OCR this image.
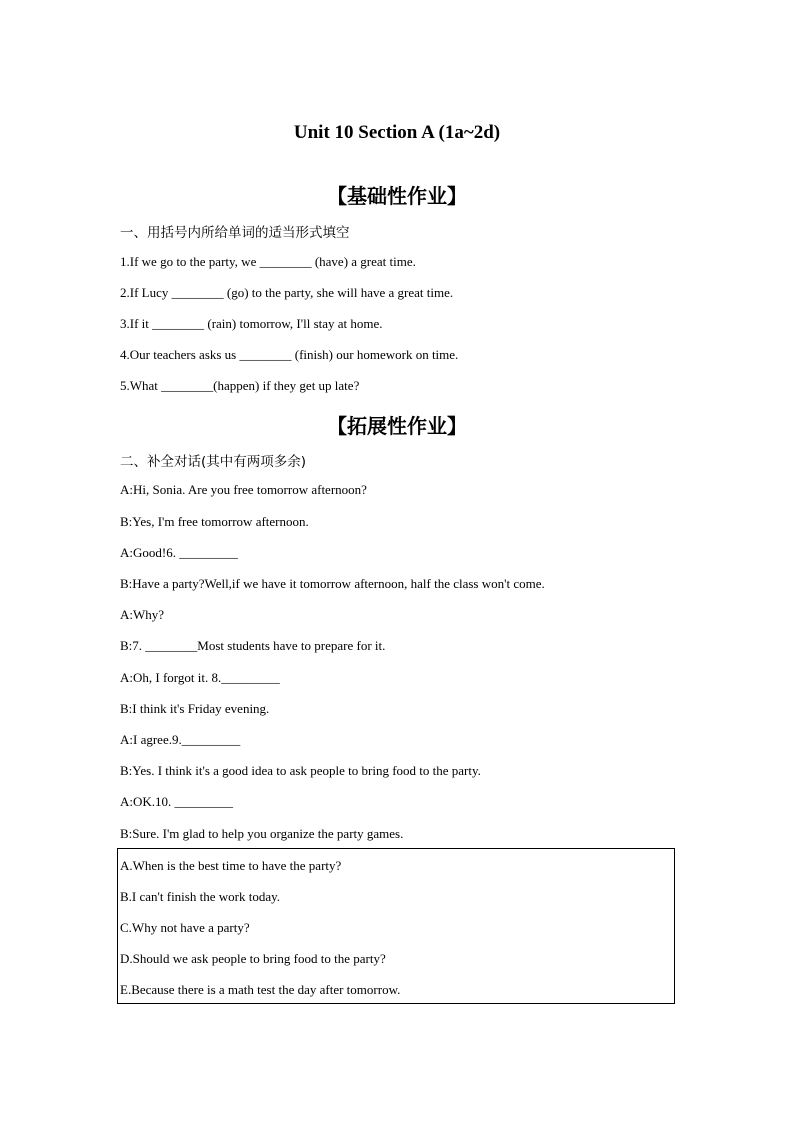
Unit 10 Section A (1a~2d)
【基础性作业】
一、用括号内所给单词的适当形式填空
1.If we go to the party, we ________ (have) a great time.
2.If Lucy ________ (go) to the party, she will have a great time.
3.If it ________ (rain) tomorrow, I'll stay at home.
4.Our teachers asks us ________ (finish) our homework on time.
5.What ________(happen) if they get up late?
【拓展性作业】
二、补全对话(其中有两项多余)
A:Hi, Sonia. Are you free tomorrow afternoon?
B:Yes, I'm free tomorrow afternoon.
A:Good!6. _________
B:Have a party?Well,if we have it tomorrow afternoon, half the class won't come.
A:Why?
B:7. ________Most students have to prepare for it.
A:Oh, I forgot it. 8._________
B:I think it's Friday evening.
A:I agree.9._________
B:Yes. I think it's a good idea to ask people to bring food to the party.
A:OK.10. _________
B:Sure. I'm glad to help you organize the party games.
A.When is the best time to have the party?
B.I can't finish the work today.
C.Why not have a party?
D.Should we ask people to bring food to the party?
E.Because there is a math test the day after tomorrow.
